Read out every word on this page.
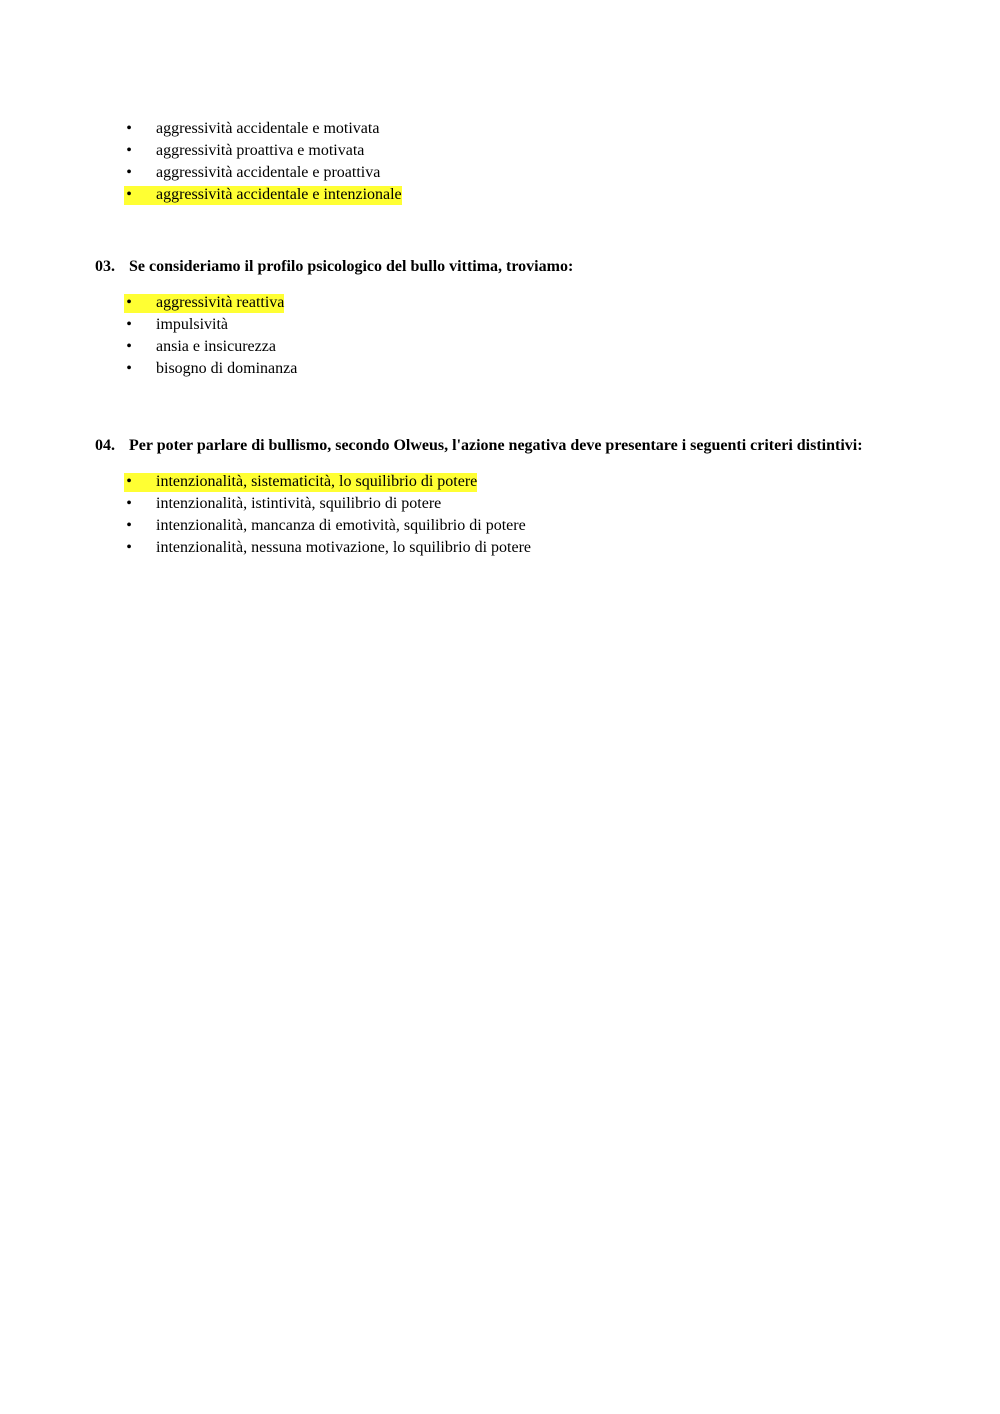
• aggressività accidentale e motivata
• aggressività proattiva e motivata
• aggressività accidentale e proattiva
• aggressività accidentale e intenzionale
03. Se consideriamo il profilo psicologico del bullo vittima, troviamo:
• aggressività reattiva
• impulsività
• ansia e insicurezza
• bisogno di dominanza
04. Per poter parlare di bullismo, secondo Olweus, l'azione negativa deve presentare i seguenti criteri distintivi:
• intenzionalità, sistematicità, lo squilibrio di potere
• intenzionalità, istintività, squilibrio di potere
• intenzionalità, mancanza di emotività, squilibrio di potere
• intenzionalità, nessuna motivazione, lo squilibrio di potere
